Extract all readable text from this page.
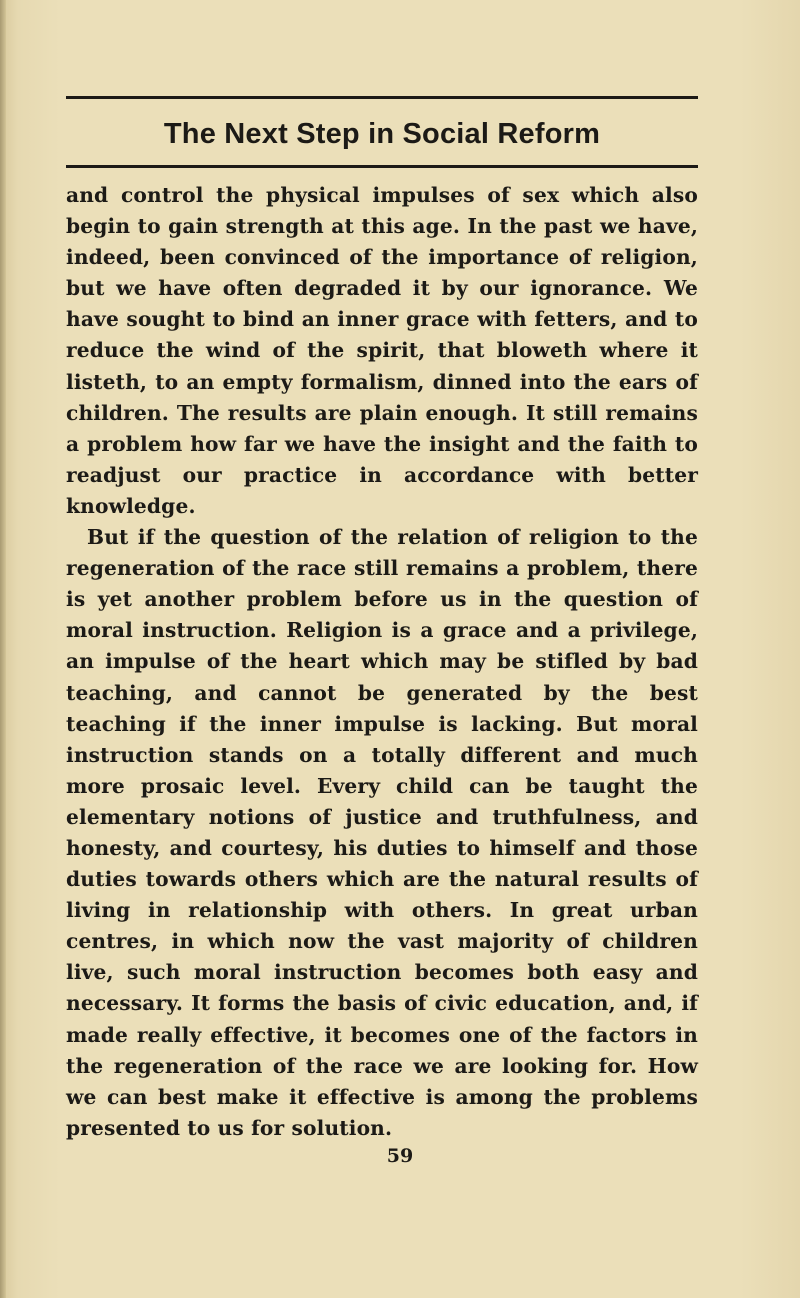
The Next Step in Social Reform

and control the physical impulses of sex which also begin to gain strength at this age. In the past we have, indeed, been convinced of the importance of religion, but we have often degraded it by our ignorance. We have sought to bind an inner grace with fetters, and to reduce the wind of the spirit, that bloweth where it listeth, to an empty formalism, dinned into the ears of children. The results are plain enough. It still remains a problem how far we have the insight and the faith to readjust our practice in accordance with better knowledge.

But if the question of the relation of religion to the regeneration of the race still remains a problem, there is yet another problem before us in the question of moral instruction. Religion is a grace and a privilege, an impulse of the heart which may be stifled by bad teaching, and cannot be generated by the best teaching if the inner impulse is lacking. But moral instruction stands on a totally different and much more prosaic level. Every child can be taught the elementary notions of justice and truthfulness, and honesty, and courtesy, his duties to himself and those duties towards others which are the natural results of living in relationship with others. In great urban centres, in which now the vast majority of children live, such moral instruction becomes both easy and necessary. It forms the basis of civic education, and, if made really effective, it becomes one of the factors in the regeneration of the race we are looking for. How we can best make it effective is among the problems presented to us for solution.

59
